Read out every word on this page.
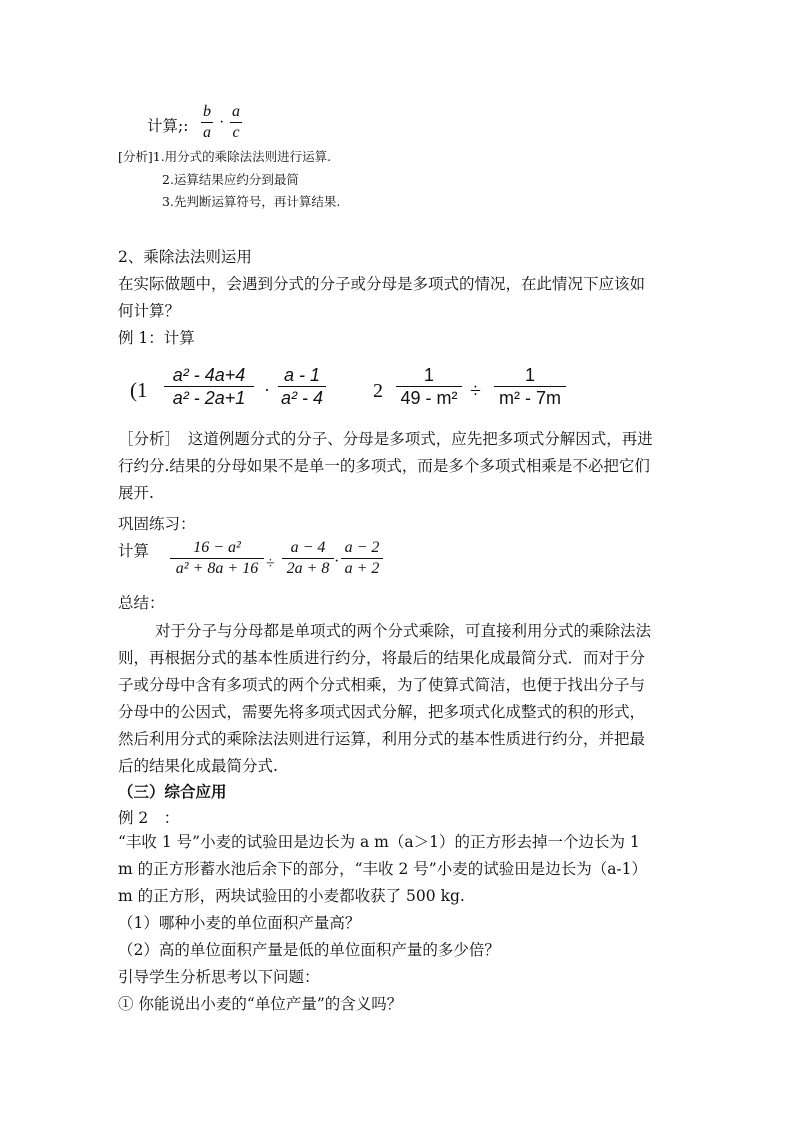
计算;:
b
a
·
a
c
[分析]1.用分式的乘除法法则进行运算.
2.运算结果应约分到最简
3.先判断运算符号，再计算结果.
2、乘除法法则运用
在实际做题中，会遇到分式的分子或分母是多项式的情况，在此情况下应该如
何计算？
例 1：计算
(1
a² - 4a+4
a² - 2a+1	·
a - 1
a² - 4	2
1
49 - m² ÷
1
m² - 7m
［分析］　这道例题分式的分子、分母是多项式，应先把多项式分解因式，再进
行约分.结果的分母如果不是单一的多项式，而是多个多项式相乘是不必把它们
展开.
巩固练习：
计算	16 − a²
a² + 8a + 16 ÷
a − 4
2a + 8 ·
a − 2
a + 2
总结：
对于分子与分母都是单项式的两个分式乘除，可直接利用分式的乘除法法
则，再根据分式的基本性质进行约分，将最后的结果化成最简分式．而对于分
子或分母中含有多项式的两个分式相乘，为了使算式简洁，也便于找出分子与
分母中的公因式，需要先将多项式因式分解，把多项式化成整式的积的形式，
然后利用分式的乘除法法则进行运算，利用分式的基本性质进行约分，并把最
后的结果化成最简分式.
（三）综合应用
例 2　：
“丰收 1 号”小麦的试验田是边长为 a m（a＞1）的正方形去掉一个边长为 1
m 的正方形蓄水池后余下的部分，“丰收 2 号”小麦的试验田是边长为（a-1）
m 的正方形，两块试验田的小麦都收获了 500 kg.
（1）哪种小麦的单位面积产量高？
（2）高的单位面积产量是低的单位面积产量的多少倍？
引导学生分析思考以下问题：
① 你能说出小麦的“单位产量”的含义吗？
